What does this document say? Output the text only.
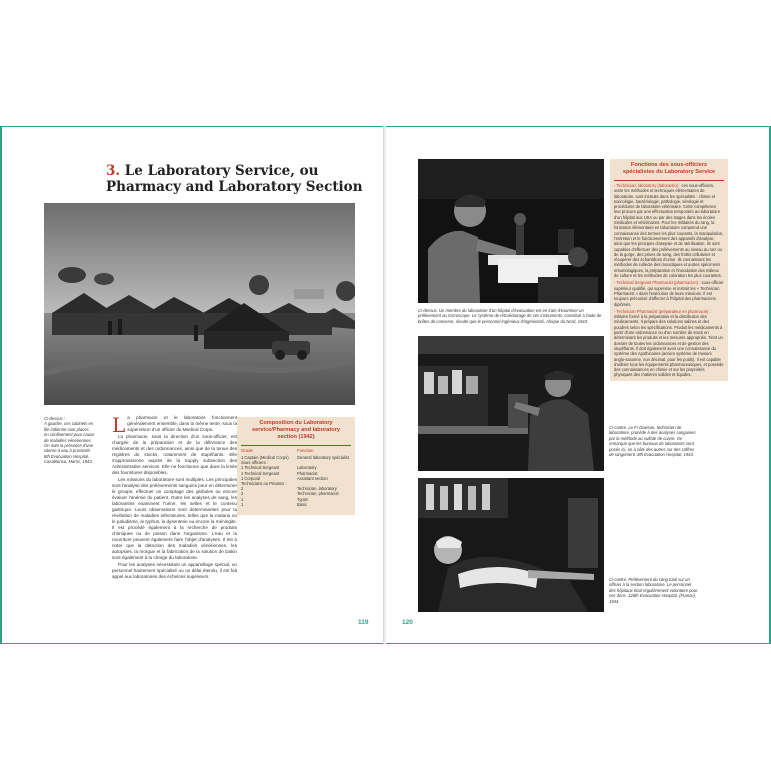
3. Le Laboratory Service, ou Pharmacy and Laboratory Section
Ci-dessus :
À gauche, ces cabinets en
file indienne sont placés
en confinement pour cause
de maladies vénériennes.
On note la présence d'une
citerne à eau à proximité.
8th Evacuation Hospital,
Casablanca, Maroc, 1943.

La pharmacie et le laboratoire fonctionnent généralement ensemble, dans la même tente, sous la supervision d'un officier du Medical Corps.

La pharmacie, sous la direction d'un sous-officier, est chargée de la préparation et de la délivrance des médicaments et des ordonnances, ainsi que de la tenue des registres de stocks, notamment de stupéfiants. Elle s'approvisionne auprès de la Supply subsection des Administrative services. Elle ne fonctionne que dans la limite des fournitures disponibles.

Les missions du laboratoire sont multiples. Les principales sont l'analyse des prélèvements sanguins pour en déterminer le groupe, effectuer un comptage des globules ou encore évaluer l'anémie du patient. Outre les analyses de sang, les laborantins examinent l'urine, les selles et le contenu gastrique. Leurs observations sont déterminantes pour la révélation de maladies infectieuses, telles que la malaria ou le paludisme, le typhus, la dysenterie ou encore la méningite. Il est procédé également à la recherche de produits chimiques ou de poison dans l'organisme. L'eau et la nourriture peuvent également faire l'objet d'analyses. Il est à noter que la détection des maladies vénériennes, les autopsies, la morgue et la fabrication de la solution de Dakin sont également à la charge du laboratoire.

Pour les analyses nécessitant un appareillage spécial, un personnel hautement spécialisé ou un délai étendu, il est fait appel aux laboratoires des échelons supérieurs.

Composition du Laboratory service/Pharmacy and laboratory section (1942)
Grade	Fonction
1 Captain (Medical Corps)	General laboratory spécialist
Sous-officiers :
1 Technical Sergeant	Laboratory
1 Technical Sergeant	Pharmacist
1 Corporal	Assistant section
Technicians ou Privates :
2	Technician, laboratory
2	Technician, pharmacist
1	Typist
1	Basic
119
Ci-dessus. Un membre du laboratoire d'un hôpital d'évacuation est en train d'examiner un prélèvement au microscope. Le système de rétroéclairage de ces instruments, constitué à l'aide de boîtes de conserve, résulte que le personnel ingénieux d'ingéniosité. Afrique du Nord, 1943.
Ci-contre. Le Fr Dawson, technicien de laboratoire, procède à des analyses sanguines par la méthode au sulfate de cuivre. On remarque que les bureaux de laboratoire sont posés ici, on à côté des autres sur des coffres de rangement. 8th Evacuation Hospital, 1943.
Ci-contre. Prélèvement du sang total sur un officier à la section laboratoire. Le personnel des hôpitaux était régulièrement volontaire pour ces dons. 128th Evacuation Hospital, (France), 1944.
Fonctions des sous-officiers spécialistes du Laboratory Service
- Technician, laboratory (laborantin) : ces sous-officiers, outre les méthodes et techniques élémentaires de laboratoire, sont instruits dans les spécialités : chimie et toxicologie, bactériologie, pathologie, sérologie et procédures de laboratoire vétérinaire. Cette compétence leur procure par une effectuation temporaire au laboratoire d'un hôpital aux USA ou par des stages dans les écoles médicales et vétérinaires. Pour les militaires du rang, la formation élémentaire en laboratoire comprend une connaissance des termes les plus courants, la manipulation, l'entretien et le fonctionnement des appareils d'analyse, ainsi que les principes d'asepsie et de stérilisation. Ils sont capables d'effectuer des prélèvements au niveau du nez ou de la gorge, des prises de sang, des frottis cellulaires et récupérer des échantillons d'urine. Ils connaissent les méthodes de collecte des moustiques et autres spécimens entomologiques, la préparation et l'inoculation des milieux de culture et les méthodes de coloration les plus courantes.
- Technical Sergeant Pharmacist (pharmacien) : sous-officier supérieur qualifié, qui supervise et instruit les « Technician Pharmacist » dans l'exécution de leurs missions. Il est toujours préconisé d'affecter à l'hôpital des pharmaciens diplômés.
- Technician Pharmacist (préparateur en pharmacie) : militaire formé à la préparation et la distribution des médicaments. Il prépare des solutions salines et des poudres selon les spécifications. Produit les médicaments à partir d'une ordonnance ou d'un nombre de stock en déterminant les produits et les mesures appropriés. Tient un dossier de toutes les ordonnances et de gestion des stupéfiants. Il doit également avoir une connaissance du système des Apothicaires (ancien système de mesure anglo-saxonne, non décimal, pour les poids). Il est capable d'utiliser tous les équipements pharmaceutiques, et possède des connaissances en chimie et sur les propriétés physiques des matières solides et liquides.
120
